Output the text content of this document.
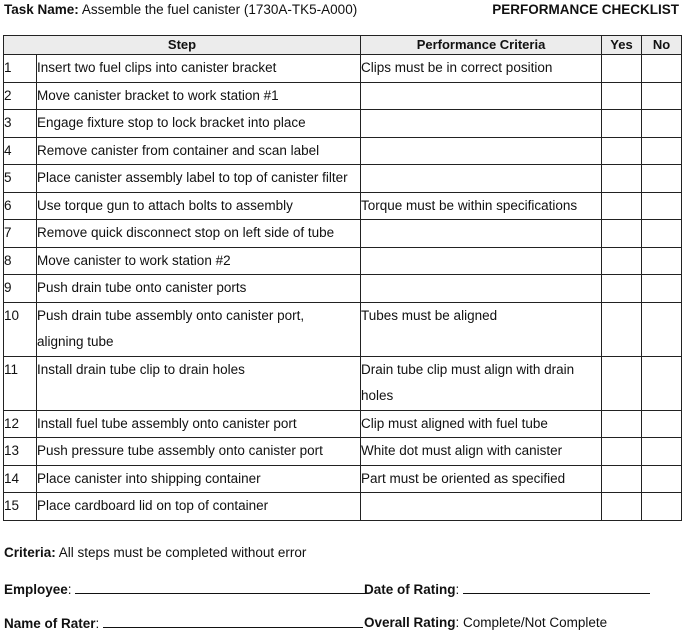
Task Name: Assemble the fuel canister (1730A-TK5-A000)	PERFORMANCE CHECKLIST
Step		Performance Criteria	Yes	No
1	Insert two fuel clips into canister bracket	Clips must be in correct position		
2	Move canister bracket to work station #1			
3	Engage fixture stop to lock bracket into place			
4	Remove canister from container and scan label			
5	Place canister assembly label to top of canister filter			
6	Use torque gun to attach bolts to assembly	Torque must be within specifications		
7	Remove quick disconnect stop on left side of tube			
8	Move canister to work station #2			
9	Push drain tube onto canister ports			
10	Push drain tube assembly onto canister port,
aligning tube	Tubes must be aligned		
11	Install drain tube clip to drain holes	Drain tube clip must align with drain
holes		
12	Install fuel tube assembly onto canister port	Clip must aligned with fuel tube		
13	Push pressure tube assembly onto canister port	White dot must align with canister		
14	Place canister into shipping container	Part must be oriented as specified		
15	Place cardboard lid on top of container			
Criteria: All steps must be completed without error
Employee:	Date of Rating:
Name of Rater:	Overall Rating: Complete/Not Complete
